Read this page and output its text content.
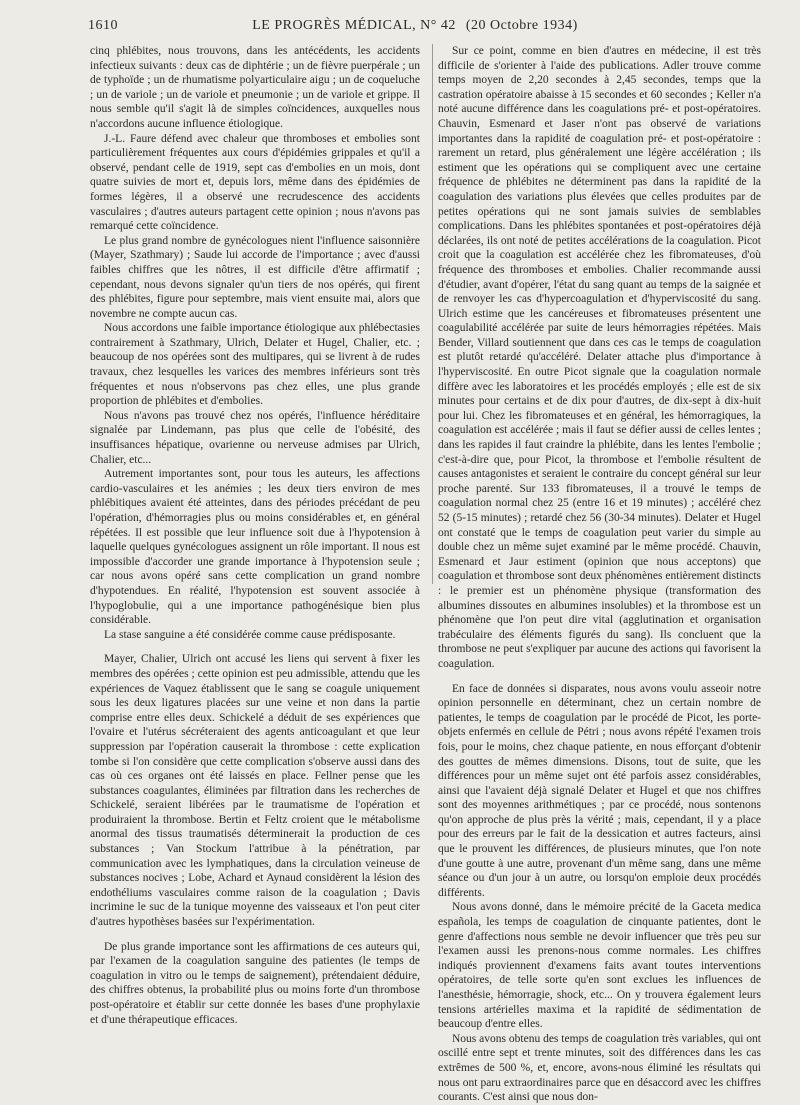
1610	LE PROGRÈS MÉDICAL, N° 42 (20 Octobre 1934)

cinq phlébites, nous trouvons, dans les antécédents, les accidents infectieux suivants : deux cas de diphtérie ; un de fièvre puerpérale ; un de typhoïde ; un de rhumatisme polyarticulaire aigu ; un de coqueluche ; un de variole ; un de variole et pneumonie ; un de variole et grippe. Il nous semble qu'il s'agit là de simples coïncidences, auxquelles nous n'accordons aucune influence étiologique.

J.-L. Faure défend avec chaleur que thromboses et embolies sont particulièrement fréquentes aux cours d'épidémies grippales et qu'il a observé, pendant celle de 1919, sept cas d'embolies en un mois, dont quatre suivies de mort et, depuis lors, même dans des épidémies de formes légères, il a observé une recrudescence des accidents vasculaires ; d'autres auteurs partagent cette opinion ; nous n'avons pas remarqué cette coïncidence.

Le plus grand nombre de gynécologues nient l'influence saisonnière (Mayer, Szathmary) ; Saude lui accorde de l'importance ; avec d'aussi faibles chiffres que les nôtres, il est difficile d'être affirmatif ; cependant, nous devons signaler qu'un tiers de nos opérés, qui firent des phlébites, figure pour septembre, mais vient ensuite mai, alors que novembre ne compte aucun cas.

Nous accordons une faible importance étiologique aux phlébectasies contrairement à Szathmary, Ulrich, Delater et Hugel, Chalier, etc. ; beaucoup de nos opérées sont des multipares, qui se livrent à de rudes travaux, chez lesquelles les varices des membres inférieurs sont très fréquentes et nous n'observons pas chez elles, une plus grande proportion de phlébites et d'embolies.

Nous n'avons pas trouvé chez nos opérés, l'influence héréditaire signalée par Lindemann, pas plus que celle de l'obésité, des insuffisances hépatique, ovarienne ou nerveuse admises par Ulrich, Chalier, etc...

Autrement importantes sont, pour tous les auteurs, les affections cardio-vasculaires et les anémies ; les deux tiers environ de mes phlébitiques avaient été atteintes, dans des périodes précédant de peu l'opération, d'hémorragies plus ou moins considérables et, en général répétées. Il est possible que leur influence soit due à l'hypotension à laquelle quelques gynécologues assignent un rôle important. Il nous est impossible d'accorder une grande importance à l'hypotension seule ; car nous avons opéré sans cette complication un grand nombre d'hypotendues. En réalité, l'hypotension est souvent associée à l'hypoglobulie, qui a une importance pathogénésique bien plus considérable.

La stase sanguine a été considérée comme cause prédisposante.

Mayer, Chalier, Ulrich ont accusé les liens qui servent à fixer les membres des opérées ; cette opinion est peu admissible, attendu que les expériences de Vaquez établissent que le sang se coagule uniquement sous les deux ligatures placées sur une veine et non dans la partie comprise entre elles deux. Schickelé a déduit de ses expériences que l'ovaire et l'utérus sécréteraient des agents anticoagulant et que leur suppression par l'opération causerait la thrombose : cette explication tombe si l'on considère que cette complication s'observe aussi dans des cas où ces organes ont été laissés en place. Fellner pense que les substances coagulantes, éliminées par filtration dans les recherches de Schickelé, seraient libérées par le traumatisme de l'opération et produiraient la thrombose. Bertin et Feltz croient que le métabolisme anormal des tissus traumatisés déterminerait la production de ces substances ; Van Stockum l'attribue à la pénétration, par communication avec les lymphatiques, dans la circulation veineuse de substances nocives ; Lobe, Achard et Aynaud considèrent la lésion des endothéliums vasculaires comme raison de la coagulation ; Davis incrimine le suc de la tunique moyenne des vaisseaux et l'on peut citer d'autres hypothèses basées sur l'expérimentation.

De plus grande importance sont les affirmations de ces auteurs qui, par l'examen de la coagulation sanguine des patientes (le temps de coagulation in vitro ou le temps de saignement), prétendaient déduire, des chiffres obtenus, la probabilité plus ou moins forte d'un thrombose post-opératoire et établir sur cette donnée les bases d'une prophylaxie et d'une thérapeutique efficaces.

Sur ce point, comme en bien d'autres en médecine, il est très difficile de s'orienter à l'aide des publications. Adler trouve comme temps moyen de 2,20 secondes à 2,45 secondes, temps que la castration opératoire abaisse à 15 secondes et 60 secondes ; Keller n'a noté aucune différence dans les coagulations pré- et post-opératoires. Chauvin, Esmenard et Jaser n'ont pas observé de variations importantes dans la rapidité de coagulation pré- et post-opératoire : rarement un retard, plus généralement une légère accélération ; ils estiment que les opérations qui se compliquent avec une certaine fréquence de phlébites ne déterminent pas dans la rapidité de la coagulation des variations plus élevées que celles produites par de petites opérations qui ne sont jamais suivies de semblables complications. Dans les phlébites spontanées et post-opératoires déjà déclarées, ils ont noté de petites accélérations de la coagulation. Picot croit que la coagulation est accélérée chez les fibromateuses, d'où fréquence des thromboses et embolies. Chalier recommande aussi d'étudier, avant d'opérer, l'état du sang quant au temps de la saignée et de renvoyer les cas d'hypercoagulation et d'hyperviscosité du sang. Ulrich estime que les cancéreuses et fibromateuses présentent une coagulabilité accélérée par suite de leurs hémorragies répétées. Mais Bender, Villard soutiennent que dans ces cas le temps de coagulation est plutôt retardé qu'accéléré. Delater attache plus d'importance à l'hyperviscosité. En outre Picot signale que la coagulation normale diffère avec les laboratoires et les procédés employés ; elle est de six minutes pour certains et de dix pour d'autres, de dix-sept à dix-huit pour lui. Chez les fibromateuses et en général, les hémorragiques, la coagulation est accélérée ; mais il faut se défier aussi de celles lentes ; dans les rapides il faut craindre la phlébite, dans les lentes l'embolie ; c'est-à-dire que, pour Picot, la thrombose et l'embolie résultent de causes antagonistes et seraient le contraire du concept général sur leur proche parenté. Sur 133 fibromateuses, il a trouvé le temps de coagulation normal chez 25 (entre 16 et 19 minutes) ; accéléré chez 52 (5-15 minutes) ; retardé chez 56 (30-34 minutes). Delater et Hugel ont constaté que le temps de coagulation peut varier du simple au double chez un même sujet examiné par le même procédé. Chauvin, Esmenard et Jaur estiment (opinion que nous acceptons) que coagulation et thrombose sont deux phénomènes entièrement distincts : le premier est un phénomène physique (transformation des albumines dissoutes en albumines insolubles) et la thrombose est un phénomène que l'on peut dire vital (agglutination et organisation trabéculaire des éléments figurés du sang). Ils concluent que la thrombose ne peut s'expliquer par aucune des actions qui favorisent la coagulation.

En face de données si disparates, nous avons voulu asseoir notre opinion personnelle en déterminant, chez un certain nombre de patientes, le temps de coagulation par le procédé de Picot, les porte-objets enfermés en cellule de Pétri ; nous avons répété l'examen trois fois, pour le moins, chez chaque patiente, en nous efforçant d'obtenir des gouttes de mêmes dimensions. Disons, tout de suite, que les différences pour un même sujet ont été parfois assez considérables, ainsi que l'avaient déjà signalé Delater et Hugel et que nos chiffres sont des moyennes arithmétiques ; par ce procédé, nous sontenons qu'on approche de plus près la vérité ; mais, cependant, il y a place pour des erreurs par le fait de la dessication et autres facteurs, ainsi que le prouvent les différences, de plusieurs minutes, que l'on note d'une goutte à une autre, provenant d'un même sang, dans une même séance ou d'un jour à un autre, ou lorsqu'on emploie deux procédés différents.

Nous avons donné, dans le mémoire précité de la Gaceta medica española, les temps de coagulation de cinquante patientes, dont le genre d'affections nous semble ne devoir influencer que très peu sur l'examen aussi les prenons-nous comme normales. Les chiffres indiqués proviennent d'examens faits avant toutes interventions opératoires, de telle sorte qu'en sont exclues les influences de l'anesthésie, hémorragie, shock, etc... On y trouvera également leurs tensions artérielles maxima et la rapidité de sédimentation de beaucoup d'entre elles.

Nous avons obtenu des temps de coagulation très variables, qui ont oscillé entre sept et trente minutes, soit des différences dans les cas extrêmes de 500 %, et, encore, avons-nous éliminé les résultats qui nous ont paru extraordinaires parce que en désaccord avec les chiffres courants. C'est ainsi que nous don-
